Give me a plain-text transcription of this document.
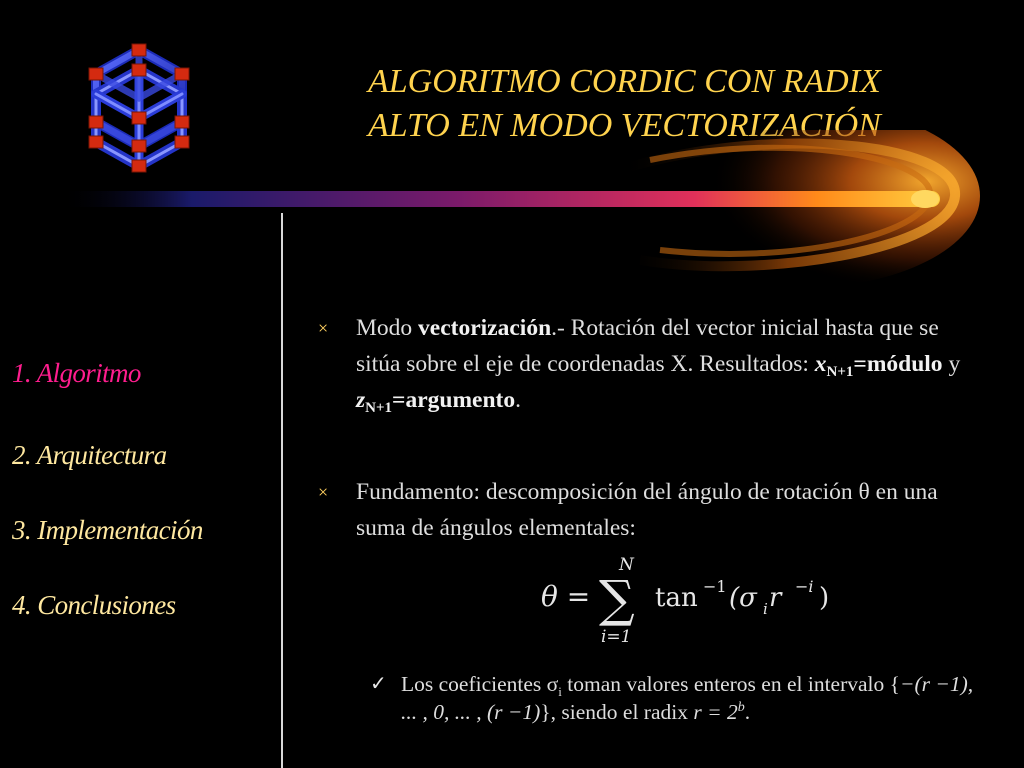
ALGORITMO CORDIC CON RADIX
ALTO EN MODO VECTORIZACIÓN
1. Algoritmo
2. Arquitectura
3. Implementación
4. Conclusiones
×	Modo vectorización.- Rotación del vector inicial hasta que se sitúa sobre el eje de coordenadas X. Resultados: $x_{N+1}=módulo$ y $z_{N+1}=argumento$.
×	Fundamento: descomposición del ángulo de rotación θ en una suma de ángulos elementales:
θ =
N
∑
i=1
tan −1 (σ i r −i )
✓ Los coeficientes $\sigma_i$ toman valores enteros en el intervalo {−(r −1), ... , 0, ... , (r −1)}, siendo el radix $r = 2^b$.
